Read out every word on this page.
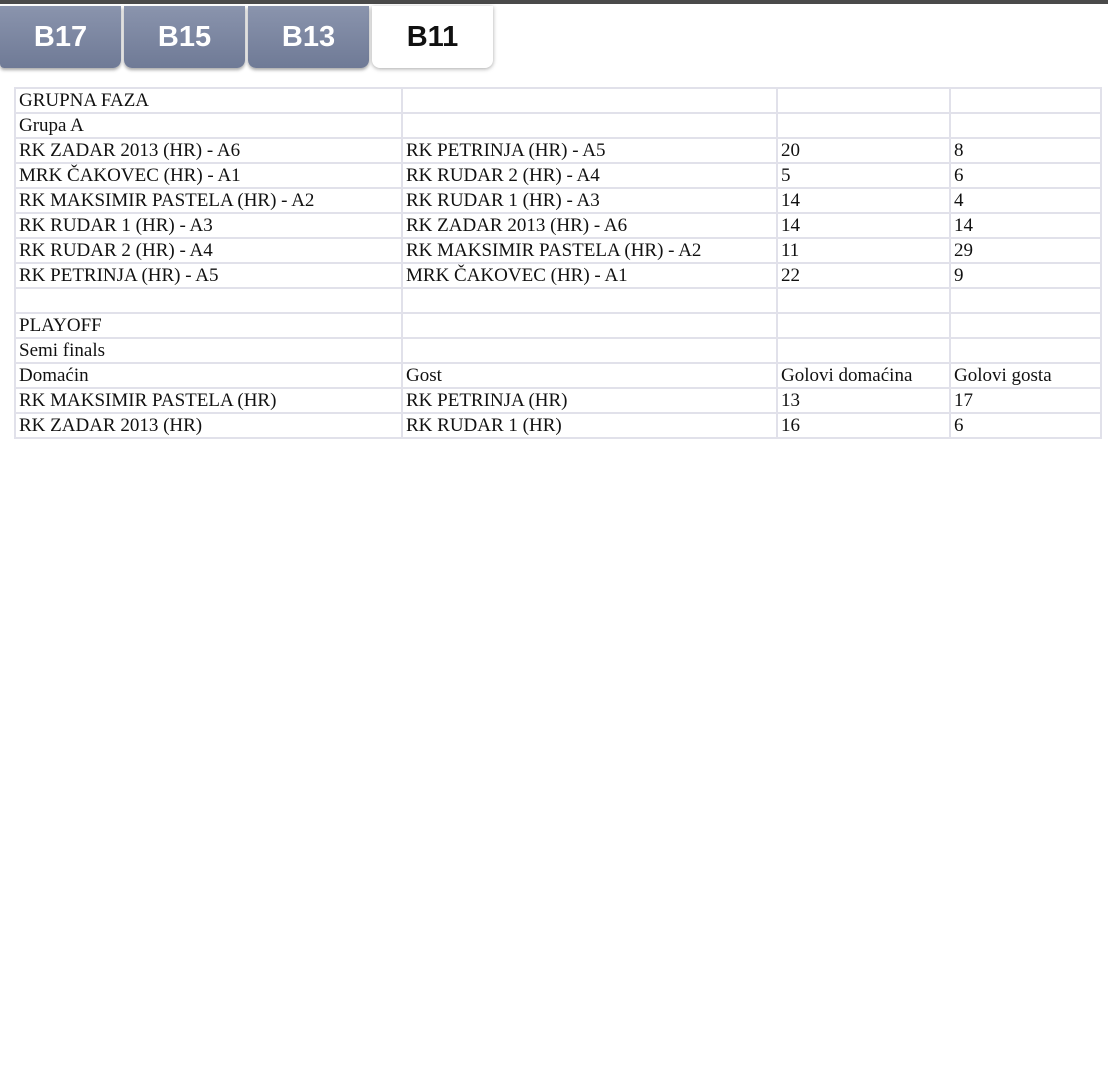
B17	B15	B13	B11
GRUPNA FAZA			
Grupa A			
RK ZADAR 2013 (HR) - A6	RK PETRINJA (HR) - A5	20	8
MRK ČAKOVEC (HR) - A1	RK RUDAR 2 (HR) - A4	5	6
RK MAKSIMIR PASTELA (HR) - A2	RK RUDAR 1 (HR) - A3	14	4
RK RUDAR 1 (HR) - A3	RK ZADAR 2013 (HR) - A6	14	14
RK RUDAR 2 (HR) - A4	RK MAKSIMIR PASTELA (HR) - A2	11	29
RK PETRINJA (HR) - A5	MRK ČAKOVEC (HR) - A1	22	9

PLAYOFF			
Semi finals			
Domaćin	Gost	Golovi domaćina	Golovi gosta
RK MAKSIMIR PASTELA (HR)	RK PETRINJA (HR)	13	17
RK ZADAR 2013 (HR)	RK RUDAR 1 (HR)	16	6
